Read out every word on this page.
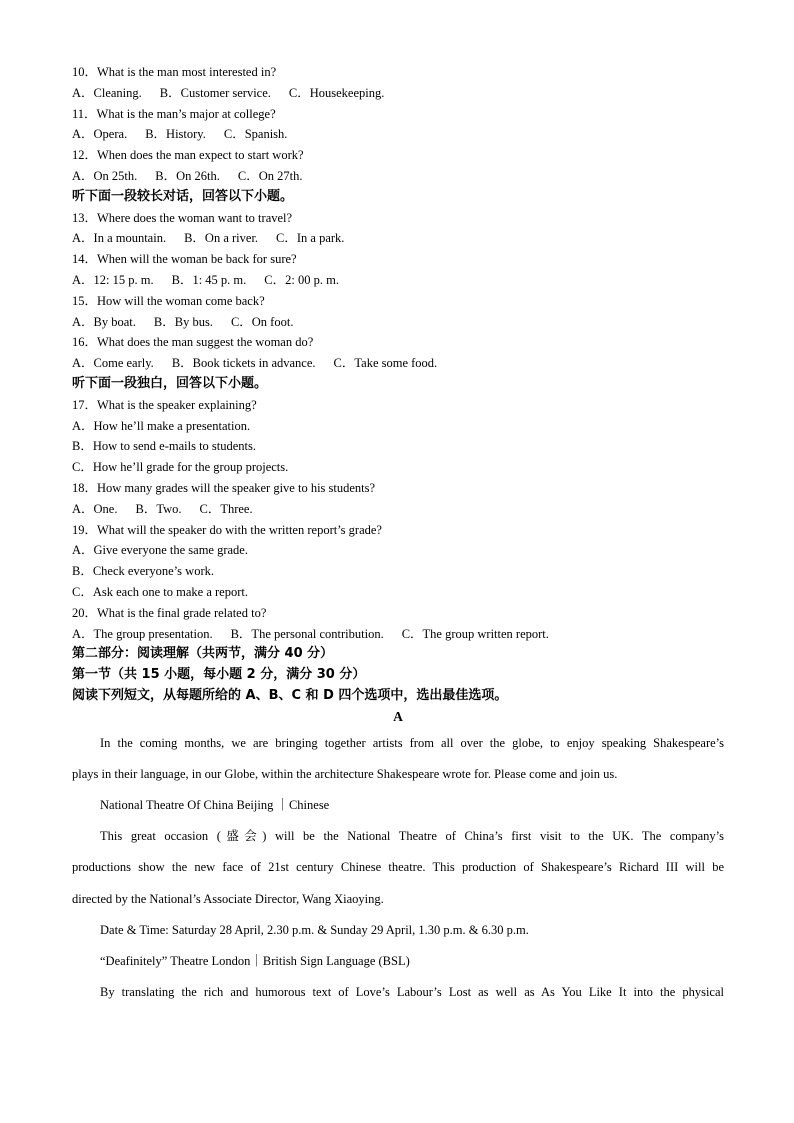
10．What is the man most interested in?
A．Cleaning. B．Customer service. C．Housekeeping.
11．What is the man’s major at college?
A．Opera. B．History. C．Spanish.
12．When does the man expect to start work?
A．On 25th. B．On 26th. C．On 27th.
听下面一段较长对话，回答以下小题。
13．Where does the woman want to travel?
A．In a mountain. B．On a river. C．In a park.
14．When will the woman be back for sure?
A．12: 15 p. m. B．1: 45 p. m. C．2: 00 p. m.
15．How will the woman come back?
A．By boat. B．By bus. C．On foot.
16．What does the man suggest the woman do?
A．Come early. B．Book tickets in advance. C．Take some food.
听下面一段独白，回答以下小题。
17．What is the speaker explaining?
A．How he’ll make a presentation.
B．How to send e-mails to students.
C．How he’ll grade for the group projects.
18．How many grades will the speaker give to his students?
A．One. B．Two. C．Three.
19．What will the speaker do with the written report’s grade?
A．Give everyone the same grade.
B．Check everyone’s work.
C．Ask each one to make a report.
20．What is the final grade related to?
A．The group presentation. B．The personal contribution. C．The group written report.
第二部分：阅读理解（共两节，满分 40 分）
第一节（共 15 小题，每小题 2 分，满分 30 分）
阅读下列短文，从每题所给的 A、B、C 和 D 四个选项中，选出最佳选项。
A

In the coming months, we are bringing together artists from all over the globe, to enjoy speaking Shakespeare’s

plays in their language, in our Globe, within the architecture Shakespeare wrote for. Please come and join us.

National Theatre Of China Beijing ｜Chinese

This great occasion (盛会) will be the National Theatre of China’s first visit to the UK. The company’s

productions show the new face of 21st century Chinese theatre. This production of Shakespeare’s Richard III will be

directed by the National’s Associate Director, Wang Xiaoying.

Date & Time: Saturday 28 April, 2.30 p.m. & Sunday 29 April, 1.30 p.m. & 6.30 p.m.

“Deafinitely” Theatre London｜British Sign Language (BSL)

By translating the rich and humorous text of Love’s Labour’s Lost as well as As You Like It into the physical
